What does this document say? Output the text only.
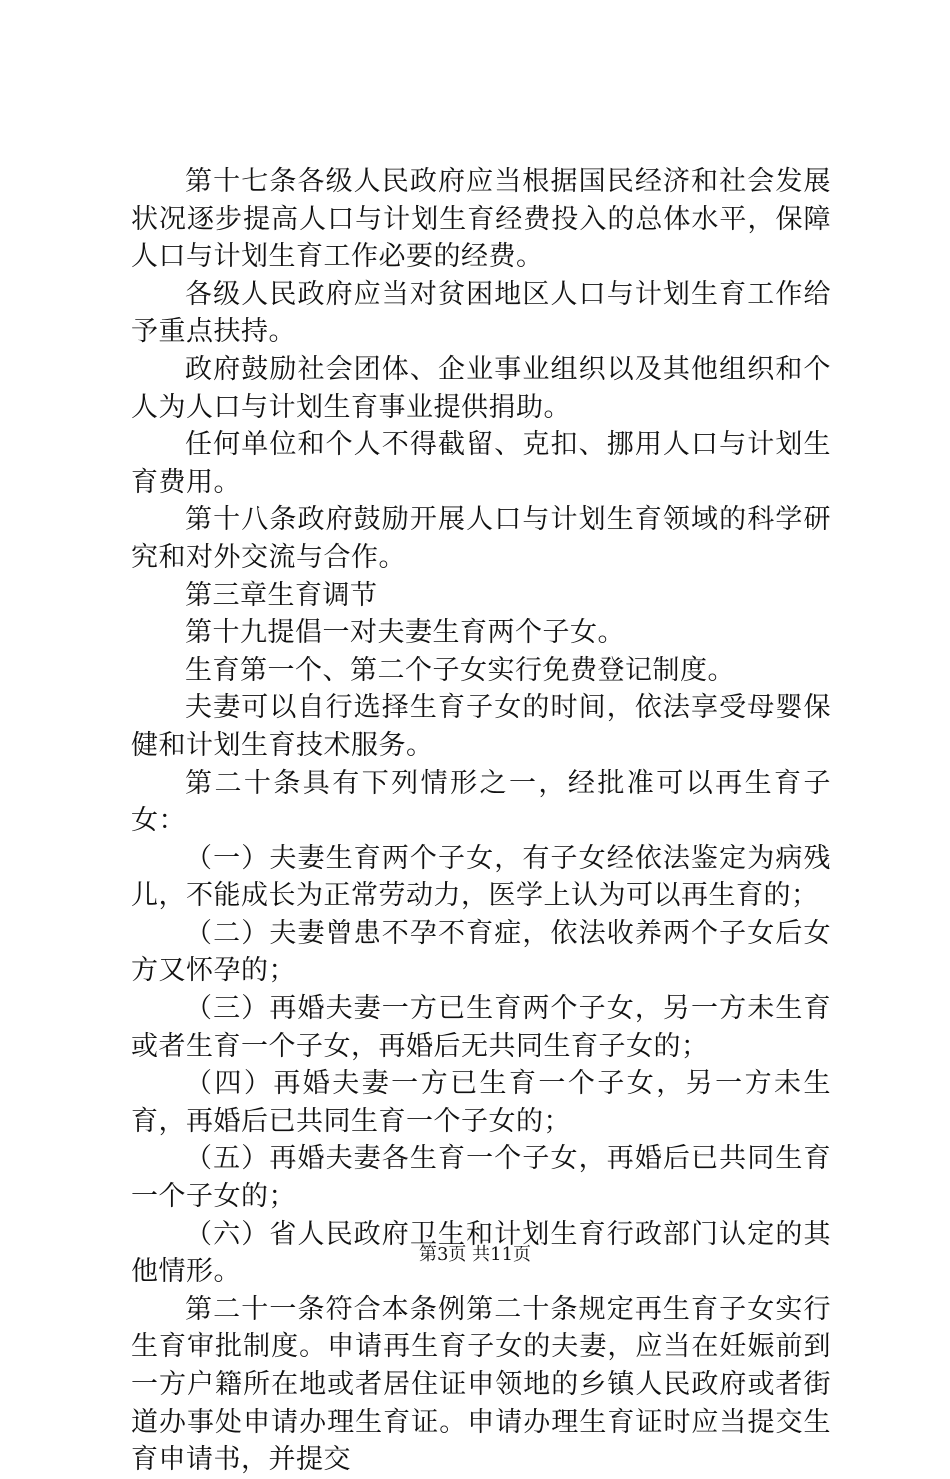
第十七条各级人民政府应当根据国民经济和社会发展状况逐步提高人口与计划生育经费投入的总体水平，保障人口与计划生育工作必要的经费。

各级人民政府应当对贫困地区人口与计划生育工作给予重点扶持。

政府鼓励社会团体、企业事业组织以及其他组织和个人为人口与计划生育事业提供捐助。

任何单位和个人不得截留、克扣、挪用人口与计划生育费用。

第十八条政府鼓励开展人口与计划生育领域的科学研究和对外交流与合作。

第三章生育调节

第十九提倡一对夫妻生育两个子女。

生育第一个、第二个子女实行免费登记制度。

夫妻可以自行选择生育子女的时间，依法享受母婴保健和计划生育技术服务。

第二十条具有下列情形之一，经批准可以再生育子女：

（一）夫妻生育两个子女，有子女经依法鉴定为病残儿，不能成长为正常劳动力，医学上认为可以再生育的；

（二）夫妻曾患不孕不育症，依法收养两个子女后女方又怀孕的；

（三）再婚夫妻一方已生育两个子女，另一方未生育或者生育一个子女，再婚后无共同生育子女的；

（四）再婚夫妻一方已生育一个子女，另一方未生育，再婚后已共同生育一个子女的；

（五）再婚夫妻各生育一个子女，再婚后已共同生育一个子女的；

（六）省人民政府卫生和计划生育行政部门认定的其他情形。

第二十一条符合本条例第二十条规定再生育子女实行生育审批制度。申请再生育子女的夫妻，应当在妊娠前到一方户籍所在地或者居住证申领地的乡镇人民政府或者街道办事处申请办理生育证。申请办理生育证时应当提交生育申请书，并提交

第3页 共11页
